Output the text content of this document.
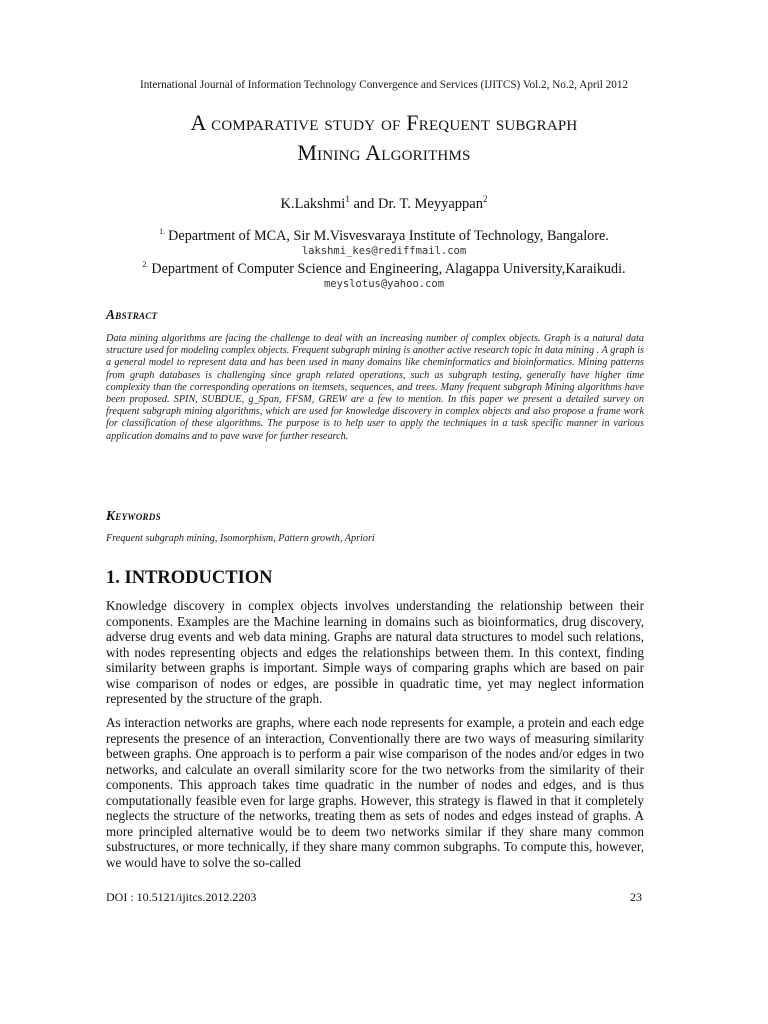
International Journal of Information Technology Convergence and Services (IJITCS) Vol.2, No.2, April 2012
A comparative study of Frequent subgraph
Mining Algorithms
K.Lakshmi$^1$ and Dr. T. Meyyappan$^2$
$^{1.}$ Department of MCA, Sir M.Visvesvaraya Institute of Technology, Bangalore.
lakshmi_kes@rediffmail.com
$^{2.}$ Department of Computer Science and Engineering, Alagappa University,Karaikudi.
meyslotus@yahoo.com
Abstract

Data mining algorithms are facing the challenge to deal with an increasing number of complex objects. Graph is a natural data structure used for modeling complex objects. Frequent subgraph mining is another active research topic in data mining . A graph is a general model to represent data and has been used in many domains like cheminformatics and bioinformatics. Mining patterns from graph databases is challenging since graph related operations, such as subgraph testing, generally have higher time complexity than the corresponding operations on itemsets, sequences, and trees. Many frequent subgraph Mining algorithms have been proposed. SPIN, SUBDUE, g_Span, FFSM, GREW are a few to mention. In this paper we present a detailed survey on frequent subgraph mining algorithms, which are used for knowledge discovery in complex objects and also propose a frame work for classification of these algorithms. The purpose is to help user to apply the techniques in a task specific manner in various application domains and to pave wave for further research.

Keywords
Frequent subgraph mining, Isomorphism, Pattern growth, Apriori
1. INTRODUCTION

Knowledge discovery in complex objects involves understanding the relationship between their components. Examples are the Machine learning in domains such as bioinformatics, drug discovery, adverse drug events and web data mining. Graphs are natural data structures to model such relations, with nodes representing objects and edges the relationships between them. In this context, finding similarity between graphs is important. Simple ways of comparing graphs which are based on pair wise comparison of nodes or edges, are possible in quadratic time, yet may neglect information represented by the structure of the graph.

As interaction networks are graphs, where each node represents for example, a protein and each edge represents the presence of an interaction, Conventionally there are two ways of measuring similarity between graphs. One approach is to perform a pair wise comparison of the nodes and/or edges in two networks, and calculate an overall similarity score for the two networks from the similarity of their components. This approach takes time quadratic in the number of nodes and edges, and is thus computationally feasible even for large graphs. However, this strategy is flawed in that it completely neglects the structure of the networks, treating them as sets of nodes and edges instead of graphs. A more principled alternative would be to deem two networks similar if they share many common substructures, or more technically, if they share many common subgraphs. To compute this, however, we would have to solve the so-called

DOI : 10.5121/ijitcs.2012.2203	23
